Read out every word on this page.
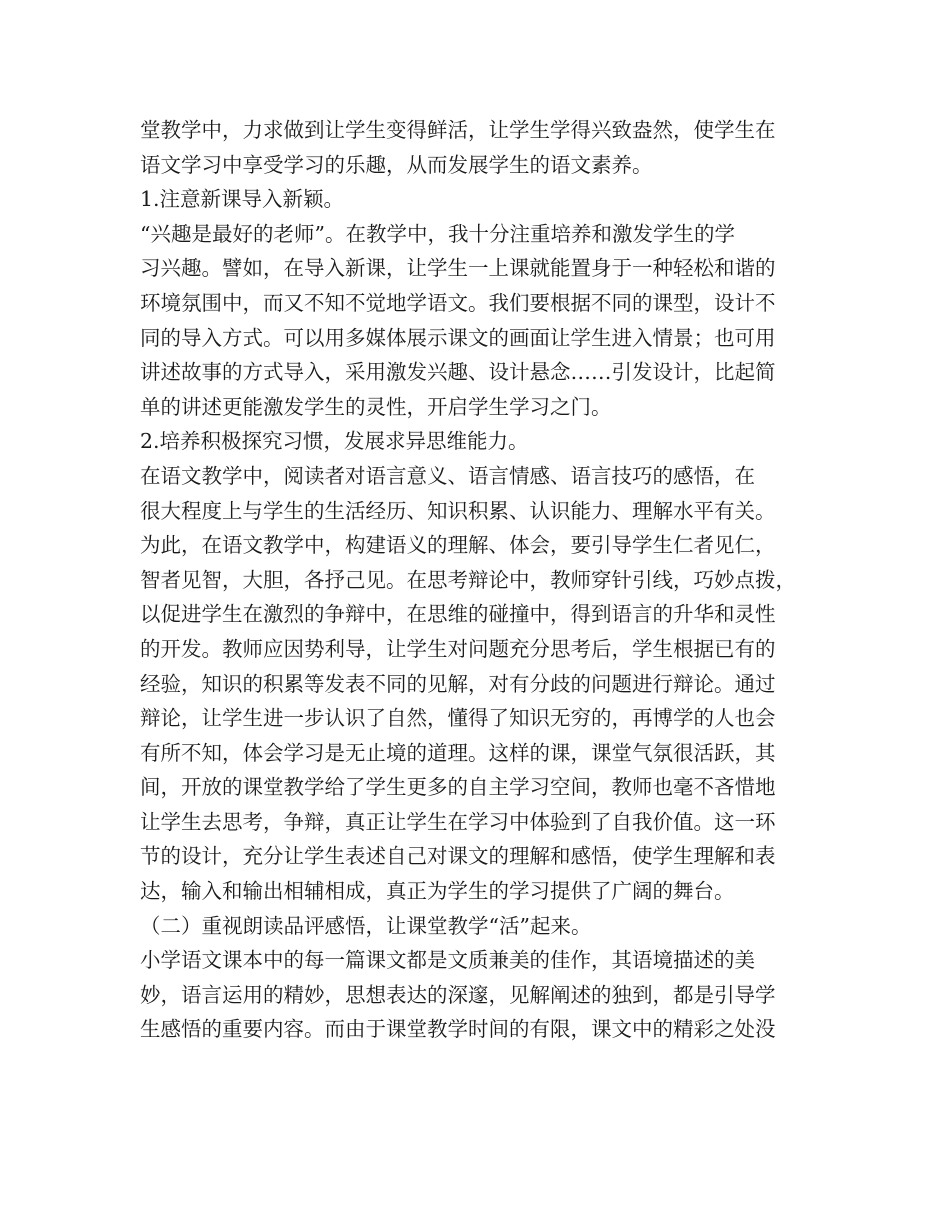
堂教学中，力求做到让学生变得鲜活，让学生学得兴致盎然，使学生在
语文学习中享受学习的乐趣，从而发展学生的语文素养。
1.注意新课导入新颖。
“兴趣是最好的老师”。在教学中，我十分注重培养和激发学生的学
习兴趣。譬如，在导入新课，让学生一上课就能置身于一种轻松和谐的
环境氛围中，而又不知不觉地学语文。我们要根据不同的课型，设计不
同的导入方式。可以用多媒体展示课文的画面让学生进入情景；也可用
讲述故事的方式导入，采用激发兴趣、设计悬念……引发设计，比起简
单的讲述更能激发学生的灵性，开启学生学习之门。
2.培养积极探究习惯，发展求异思维能力。
在语文教学中，阅读者对语言意义、语言情感、语言技巧的感悟，在
很大程度上与学生的生活经历、知识积累、认识能力、理解水平有关。
为此，在语文教学中，构建语义的理解、体会，要引导学生仁者见仁，
智者见智，大胆，各抒己见。在思考辩论中，教师穿针引线，巧妙点拨，
以促进学生在激烈的争辩中，在思维的碰撞中，得到语言的升华和灵性
的开发。教师应因势利导，让学生对问题充分思考后，学生根据已有的
经验，知识的积累等发表不同的见解，对有分歧的问题进行辩论。通过
辩论，让学生进一步认识了自然，懂得了知识无穷的，再博学的人也会
有所不知，体会学习是无止境的道理。这样的课，课堂气氛很活跃，其
间，开放的课堂教学给了学生更多的自主学习空间，教师也毫不吝惜地
让学生去思考，争辩，真正让学生在学习中体验到了自我价值。这一环
节的设计，充分让学生表述自己对课文的理解和感悟，使学生理解和表
达，输入和输出相辅相成，真正为学生的学习提供了广阔的舞台。
（二）重视朗读品评感悟，让课堂教学“活”起来。
小学语文课本中的每一篇课文都是文质兼美的佳作，其语境描述的美
妙，语言运用的精妙，思想表达的深邃，见解阐述的独到，都是引导学
生感悟的重要内容。而由于课堂教学时间的有限，课文中的精彩之处没
